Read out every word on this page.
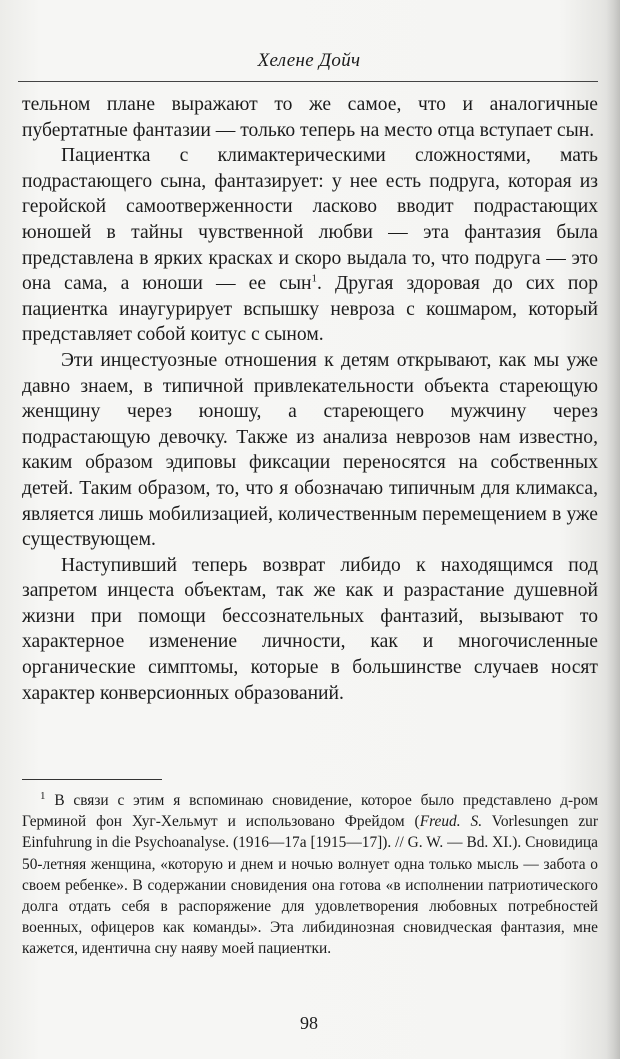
Хелене Дойч

тельном плане выражают то же самое, что и аналогичные пубертатные фантазии — только теперь на место отца вступает сын.

Пациентка с климактерическими сложностями, мать подрастающего сына, фантазирует: у нее есть подруга, которая из геройской самоотверженности ласково вводит подрастающих юношей в тайны чувственной любви — эта фантазия была представлена в ярких красках и скоро выдала то, что подруга — это она сама, а юноши — ее сын$^1$. Другая здоровая до сих пор пациентка инаугурирует вспышку невроза с кошмаром, который представляет собой коитус с сыном.

Эти инцестуозные отношения к детям открывают, как мы уже давно знаем, в типичной привлекательности объекта стареющую женщину через юношу, а стареющего мужчину через подрастающую девочку. Также из анализа неврозов нам известно, каким образом эдиповы фиксации переносятся на собственных детей. Таким образом, то, что я обозначаю типичным для климакса, является лишь мобилизацией, количественным перемещением в уже существующем.

Наступивший теперь возврат либидо к находящимся под запретом инцеста объектам, так же как и разрастание душевной жизни при помощи бессознательных фантазий, вызывают то характерное изменение личности, как и многочисленные органические симптомы, которые в большинстве случаев носят характер конверсионных образований.

$^1$ В связи с этим я вспоминаю сновидение, которое было представлено д-ром Герминой фон Хуг-Хельмут и использовано Фрейдом (Freud. S. Vorlesungen zur Einfuhrung in die Psychoanalyse. (1916—17a [1915—17]). // G. W. — Bd. XI.). Сновидица 50-летняя женщина, «которую и днем и ночью волнует одна только мысль — забота о своем ребенке». В содержании сновидения она готова «в исполнении патриотического долга отдать себя в распоряжение для удовлетворения любовных потребностей военных, офицеров как команды». Эта либидинозная сновидческая фантазия, мне кажется, идентична сну наяву моей пациентки.

98
